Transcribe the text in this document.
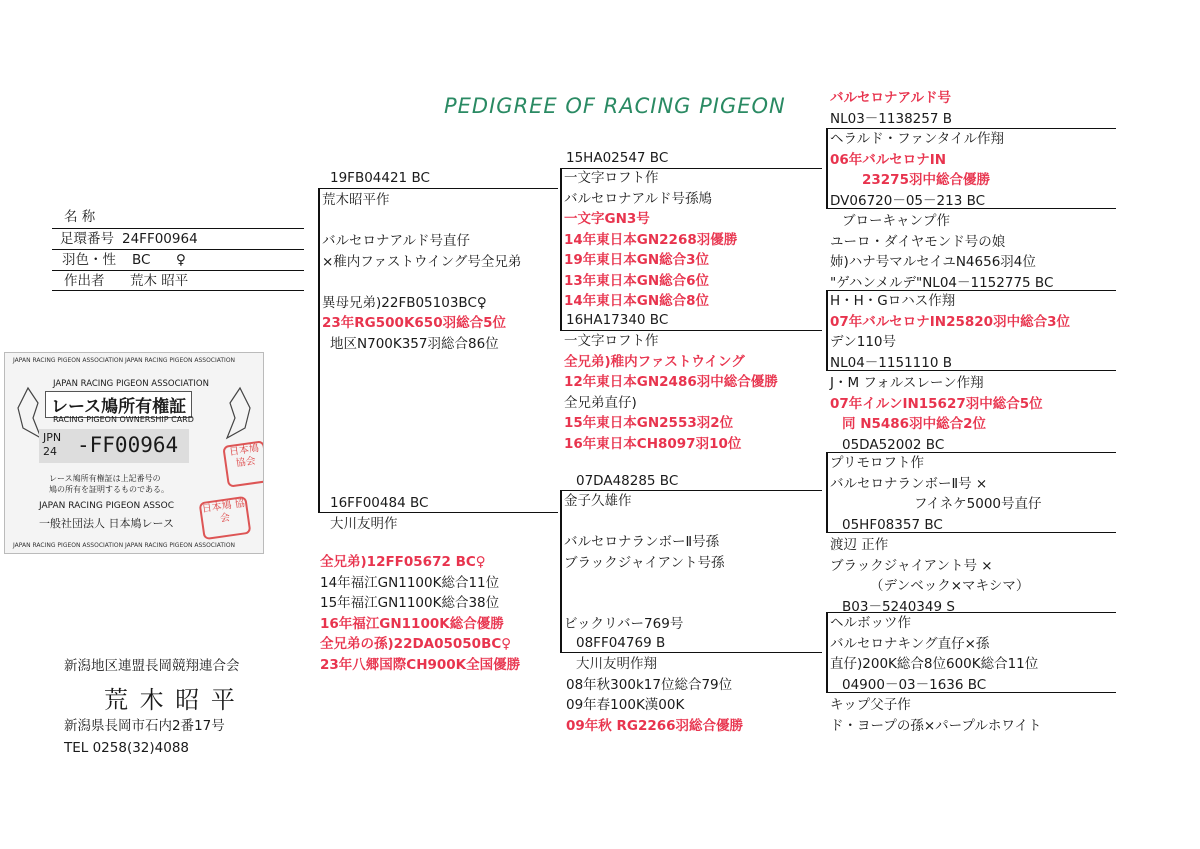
PEDIGREE OF RACING PIGEON
名 称
足環番号 24FF00964
羽色・性 BC ♀
作出者 荒木 昭平
JAPAN RACING PIGEON ASSOCIATION JAPAN RACING PIGEON ASSOCIATION
JAPAN RACING PIGEON ASSOCIATION
レース鳩所有権証
RACING PIGEON OWNERSHIP CARD
JPN
24 -FF00964
レース鳩所有権証は上記番号の
鳩の所有を証明するものである。
JAPAN RACING PIGEON ASSOC
一般社団法人 日本鳩レース
日本鳩 協会
日本鳩 協会
JAPAN RACING PIGEON ASSOCIATION JAPAN RACING PIGEON ASSOCIATION
新潟地区連盟長岡競翔連合会
荒 木 昭 平
新潟県長岡市石内2番17号
TEL 0258(32)4088
19FB04421 BC
荒木昭平作
バルセロナアルド号直仔
×稚内ファストウイング号全兄弟
異母兄弟)22FB05103BC♀
23年RG500K650羽総合5位
地区N700K357羽総合86位
16FF00484 BC
大川友明作
全兄弟)12FF05672 BC♀
14年福江GN1100K総合11位
15年福江GN1100K総合38位
16年福江GN1100K総合優勝
全兄弟の孫)22DA05050BC♀
23年八郷国際CH900K全国優勝
15HA02547 BC
一文字ロフト作
バルセロナアルド号孫鳩
一文字GN3号
14年東日本GN2268羽優勝
19年東日本GN総合3位
13年東日本GN総合6位
14年東日本GN総合8位
16HA17340 BC
一文字ロフト作
全兄弟)稚内ファストウイング
12年東日本GN2486羽中総合優勝
全兄弟直仔)
15年東日本GN2553羽2位
16年東日本CH8097羽10位
07DA48285 BC
金子久雄作
バルセロナランボーⅡ号孫
ブラックジャイアント号孫
ビックリバー769号
08FF04769 B
大川友明作翔
08年秋300k17位総合79位
09年春100K漢00K
09年秋 RG2266羽総合優勝
バルセロナアルド号
NL03－1138257 B
ヘラルド・ファンタイル作翔
06年バルセロナIN
23275羽中総合優勝
DV06720－05－213 BC
ブローキャンプ作
ユーロ・ダイヤモンド号の娘
姉)ハナ号マルセイユN4656羽4位
"ゲハンメルデ"NL04－1152775 BC
H・H・Gロハス作翔
07年バルセロナIN25820羽中総合3位
デン110号
NL04－1151110 B
J・M フォルスレーン作翔
07年イルンIN15627羽中総合5位
同 N5486羽中総合2位
05DA52002 BC
プリモロフト作
バルセロナランボーⅡ号 ×
フイネケ5000号直仔
05HF08357 BC
渡辺 正作
ブラックジャイアント号 ×
（デンベック×マキシマ）
B03－5240349 S
ヘルボッツ作
バルセロナキング直仔×孫
直仔)200K総合8位600K総合11位
04900－03－1636 BC
キップ父子作
ド・ヨープの孫×パープルホワイト
